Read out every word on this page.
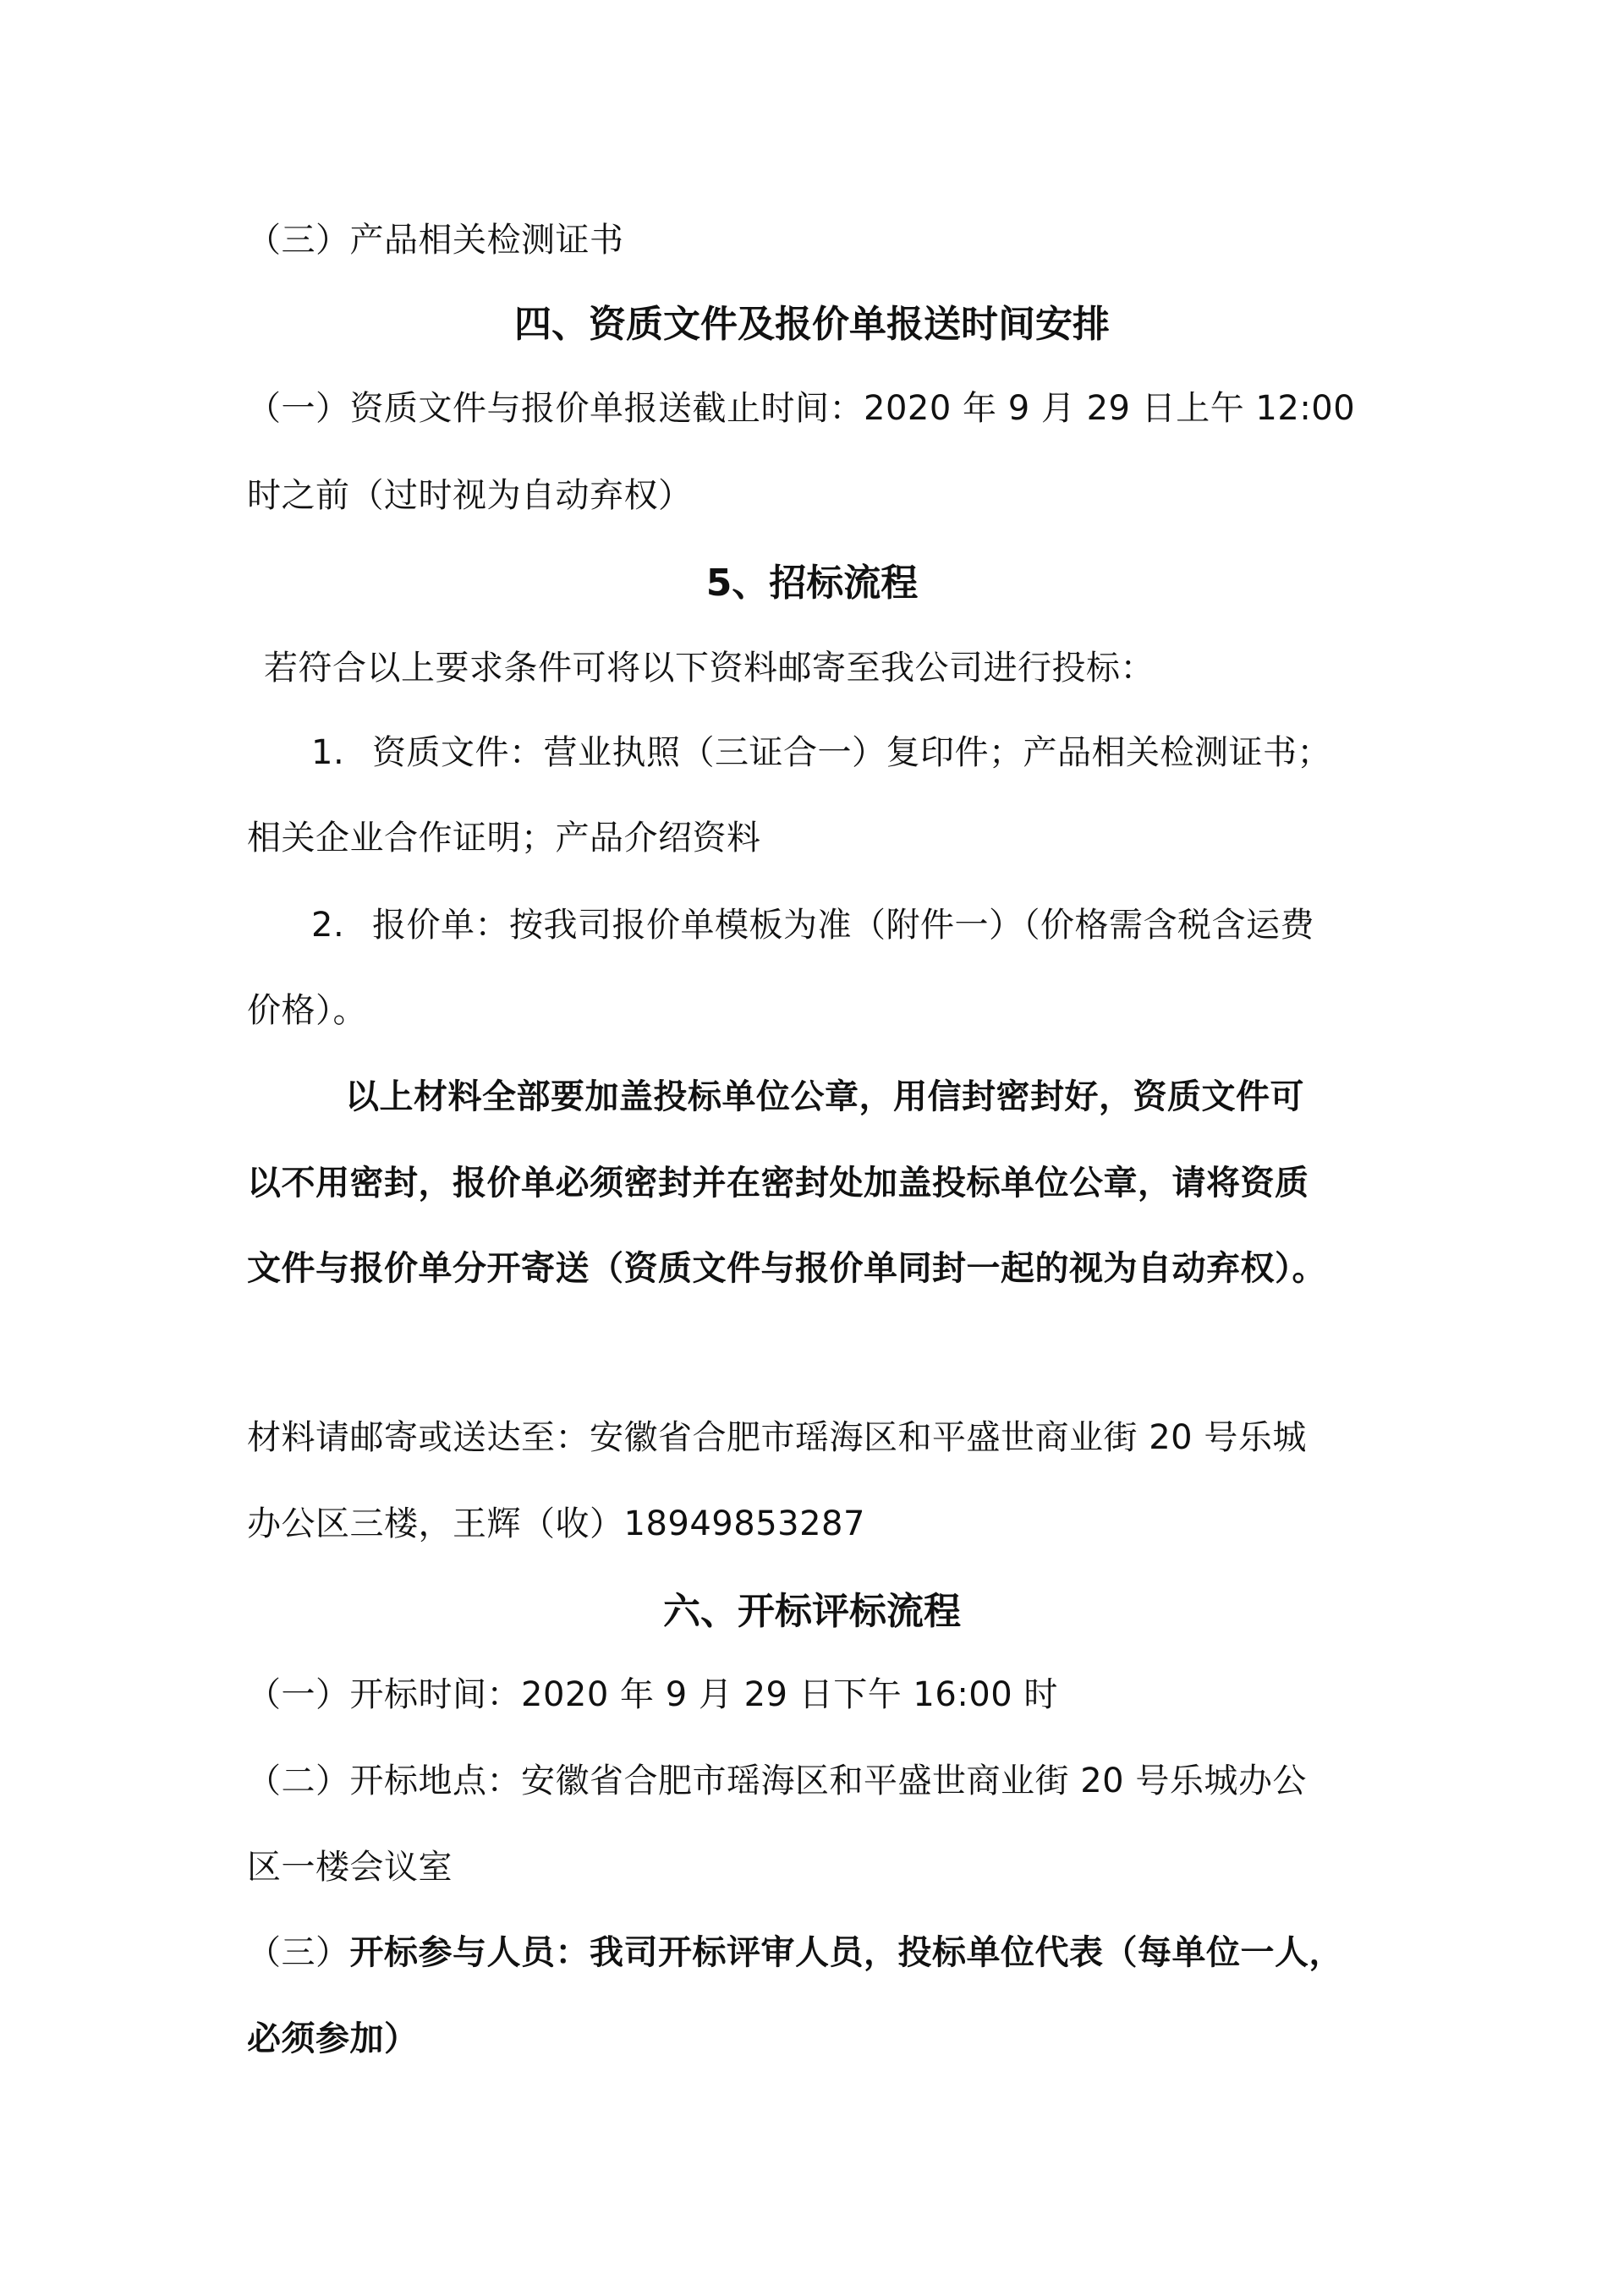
（三）产品相关检测证书
四、资质文件及报价单报送时间安排
（一）资质文件与报价单报送截止时间：2020 年 9 月 29 日上午 12:00
时之前（过时视为自动弃权）
5、招标流程
若符合以上要求条件可将以下资料邮寄至我公司进行投标：
1. 资质文件：营业执照（三证合一）复印件；产品相关检测证书；
相关企业合作证明；产品介绍资料
2. 报价单：按我司报价单模板为准（附件一）（价格需含税含运费
价格）。
以上材料全部要加盖投标单位公章，用信封密封好，资质文件可
以不用密封，报价单必须密封并在密封处加盖投标单位公章，请将资质
文件与报价单分开寄送（资质文件与报价单同封一起的视为自动弃权）。
材料请邮寄或送达至：安徽省合肥市瑶海区和平盛世商业街 20 号乐城
办公区三楼，王辉（收）18949853287
六、开标评标流程
（一）开标时间：2020 年 9 月 29 日下午 16:00 时
（二）开标地点：安徽省合肥市瑶海区和平盛世商业街 20 号乐城办公
区一楼会议室
（三）开标参与人员：我司开标评审人员，投标单位代表（每单位一人，
必须参加）
